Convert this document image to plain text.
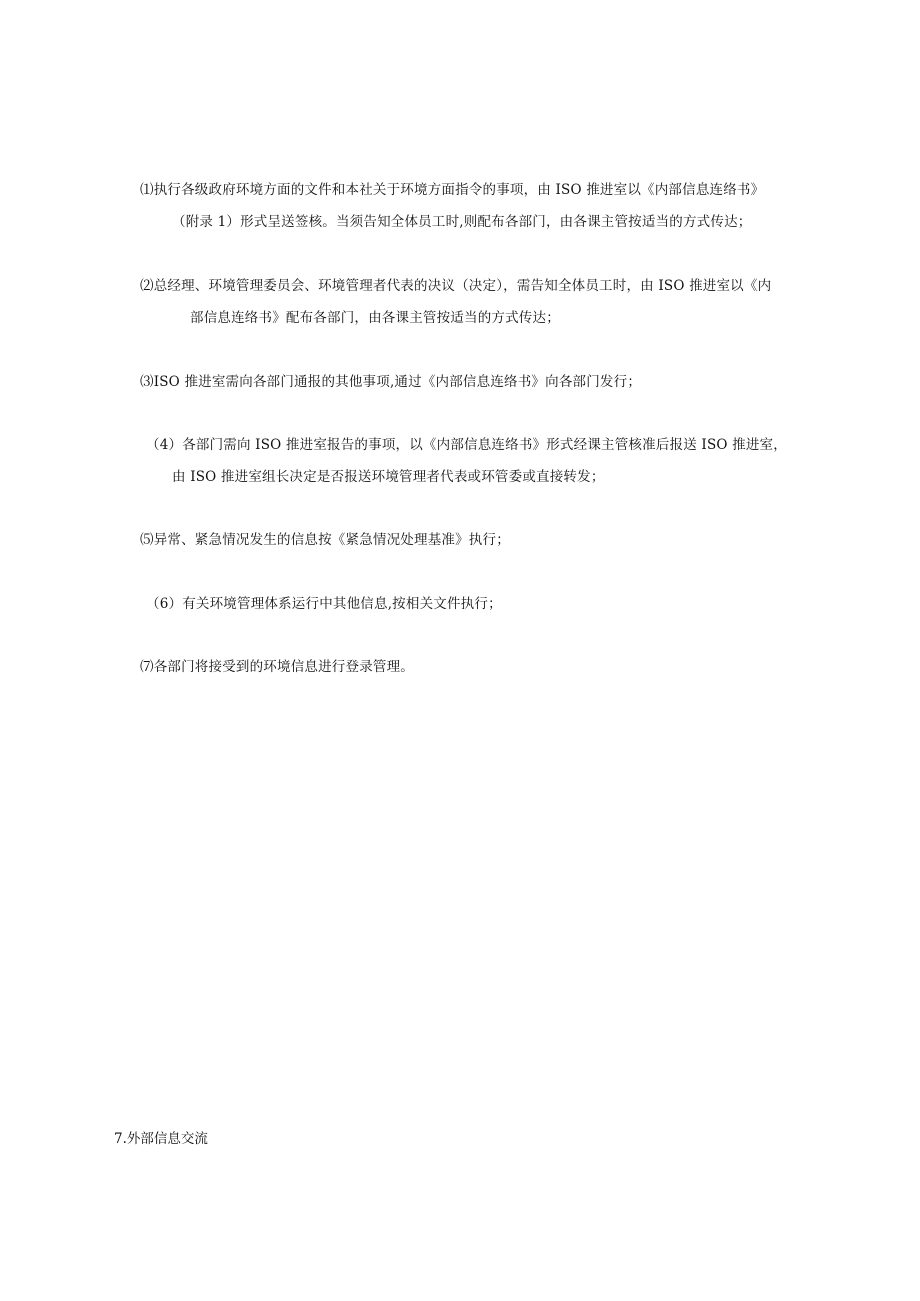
⑴执行各级政府环境方面的文件和本社关于环境方面指令的事项，由 ISO 推进室以《内部信息连络书》
（附录 1）形式呈送签核。当须告知全体员工时,则配布各部门，由各课主管按适当的方式传达；
⑵总经理、环境管理委员会、环境管理者代表的决议（决定），需告知全体员工时，由 ISO 推进室以《内
部信息连络书》配布各部门，由各课主管按适当的方式传达；
⑶ISO 推进室需向各部门通报的其他事项,通过《内部信息连络书》向各部门发行；
（4）各部门需向 ISO 推进室报告的事项，以《内部信息连络书》形式经课主管核准后报送 ISO 推进室，
由 ISO 推进室组长决定是否报送环境管理者代表或环管委或直接转发；
⑸异常、紧急情况发生的信息按《紧急情况处理基准》执行；
（6）有关环境管理体系运行中其他信息,按相关文件执行；
⑺各部门将接受到的环境信息进行登录管理。
7.外部信息交流
